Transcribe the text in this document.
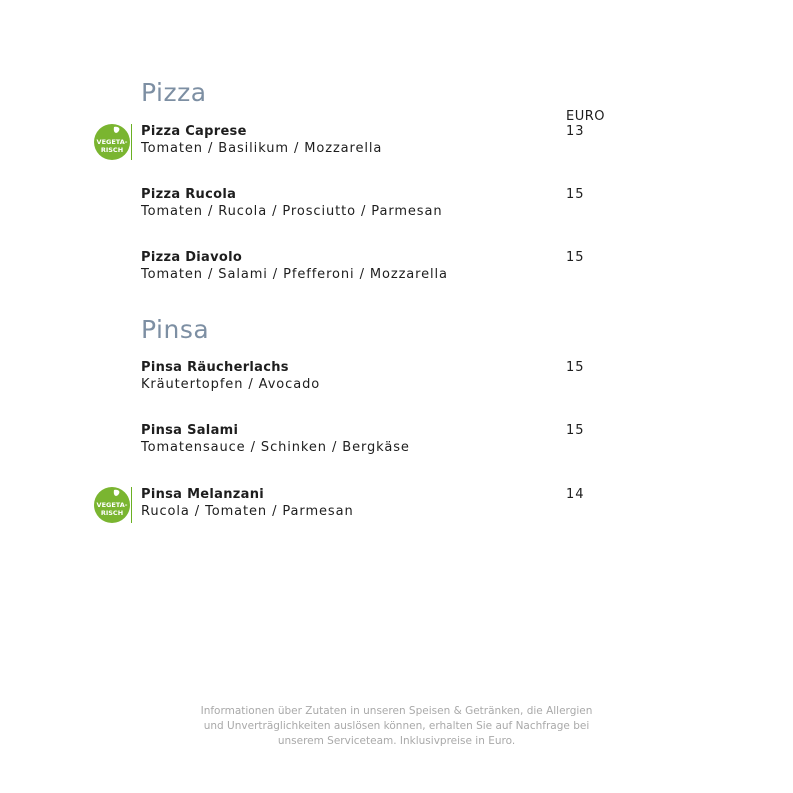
Pizza
EURO
VEGETA-
RISCH
Pizza Caprese
Tomaten / Basilikum / Mozzarella
13
Pizza Rucola
Tomaten / Rucola / Prosciutto / Parmesan
15
Pizza Diavolo
Tomaten / Salami / Pfefferoni / Mozzarella
15
Pinsa
Pinsa Räucherlachs
Kräutertopfen / Avocado
15
Pinsa Salami
Tomatensauce / Schinken / Bergkäse
15
VEGETA-
RISCH
Pinsa Melanzani
Rucola / Tomaten / Parmesan
14
Informationen über Zutaten in unseren Speisen & Getränken, die Allergien
und Unverträglichkeiten auslösen können, erhalten Sie auf Nachfrage bei
unserem Serviceteam. Inklusivpreise in Euro.
